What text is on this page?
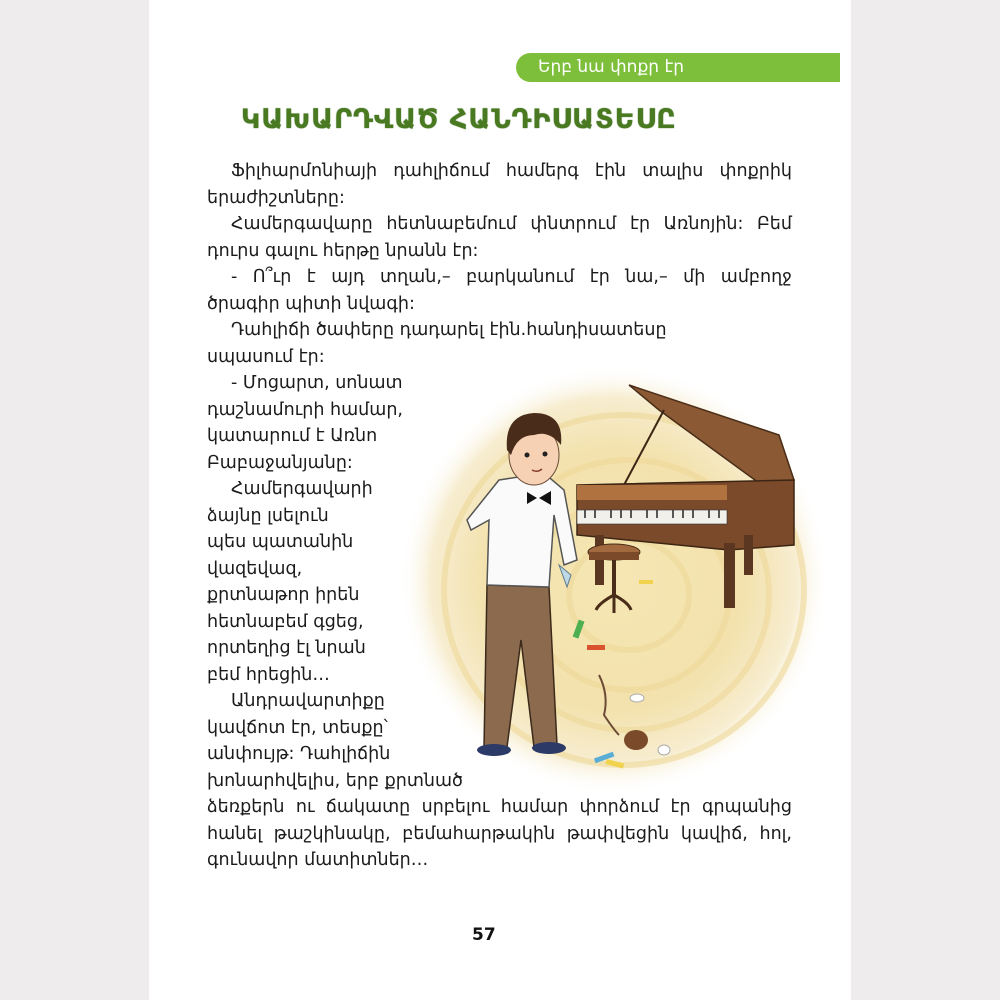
Երբ նա փոքր էր
ԿԱԽԱՐԴՎԱԾ ՀԱՆԴԻՍԱՏԵՍԸ
Ֆիլհարմոնիայի դահլիճում համերգ էին տալիս փոքրիկ
երաժիշտները:
Համերգավարը հետնաբեմում փնտրում էր Առնոյին: Բեմ
դուրս գալու հերթը նրանն էր:
- Ո՞ւր է այդ տղան,– բարկանում էր նա,– մի ամբողջ
ծրագիր պիտի նվագի:
Դահլիճի ծափերը դադարել էին.հանդիսատեսը
սպասում էր:
- Մոցարտ, սոնատ
դաշնամուրի համար,
կատարում է Առնո
Բաբաջանյանը:
Համերգավարի
ձայնը լսելուն
պես պատանին
վազեվազ,
քրտնաթոր իրեն
հետնաբեմ գցեց,
որտեղից էլ նրան
բեմ հրեցին…
Անդրավարտիքը
կավճոտ էր, տեսքը՝
անփույթ: Դահլիճին
խոնարհվելիս, երբ քրտնած
ձեռքերն ու ճակատը սրբելու համար փորձում էր գրպանից
հանել թաշկինակը, բեմահարթակին թափվեցին կավիճ, հոլ,
գունավոր մատիտներ…
57
